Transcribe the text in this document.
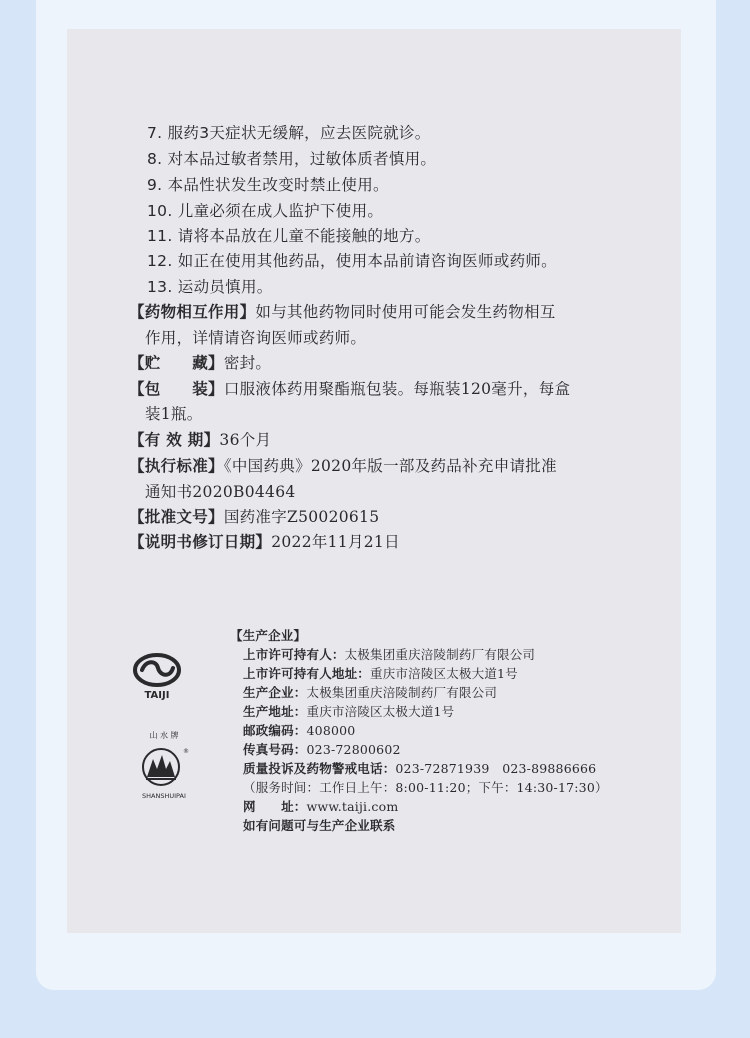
7. 服药3天症状无缓解，应去医院就诊。
8. 对本品过敏者禁用，过敏体质者慎用。
9. 本品性状发生改变时禁止使用。
10. 儿童必须在成人监护下使用。
11. 请将本品放在儿童不能接触的地方。
12. 如正在使用其他药品，使用本品前请咨询医师或药师。
13. 运动员慎用。
【药物相互作用】如与其他药物同时使用可能会发生药物相互
作用，详情请咨询医师或药师。
【贮　　藏】密封。
【包　　装】口服液体药用聚酯瓶包装。每瓶装120毫升，每盒
装1瓶。
【有 效 期】36个月
【执行标准】《中国药典》2020年版一部及药品补充申请批准
通知书2020B04464
【批准文号】国药准字Z50020615
【说明书修订日期】2022年11月21日
TAIJI
山 水 牌
®
SHANSHUIPAI
【生产企业】
上市许可持有人：太极集团重庆涪陵制药厂有限公司
上市许可持有人地址：重庆市涪陵区太极大道1号
生产企业：太极集团重庆涪陵制药厂有限公司
生产地址：重庆市涪陵区太极大道1号
邮政编码：408000
传真号码：023-72800602
质量投诉及药物警戒电话：023-72871939　023-89886666
（服务时间：工作日上午：8:00-11:20；下午：14:30-17:30）
网　　址：www.taiji.com
如有问题可与生产企业联系
